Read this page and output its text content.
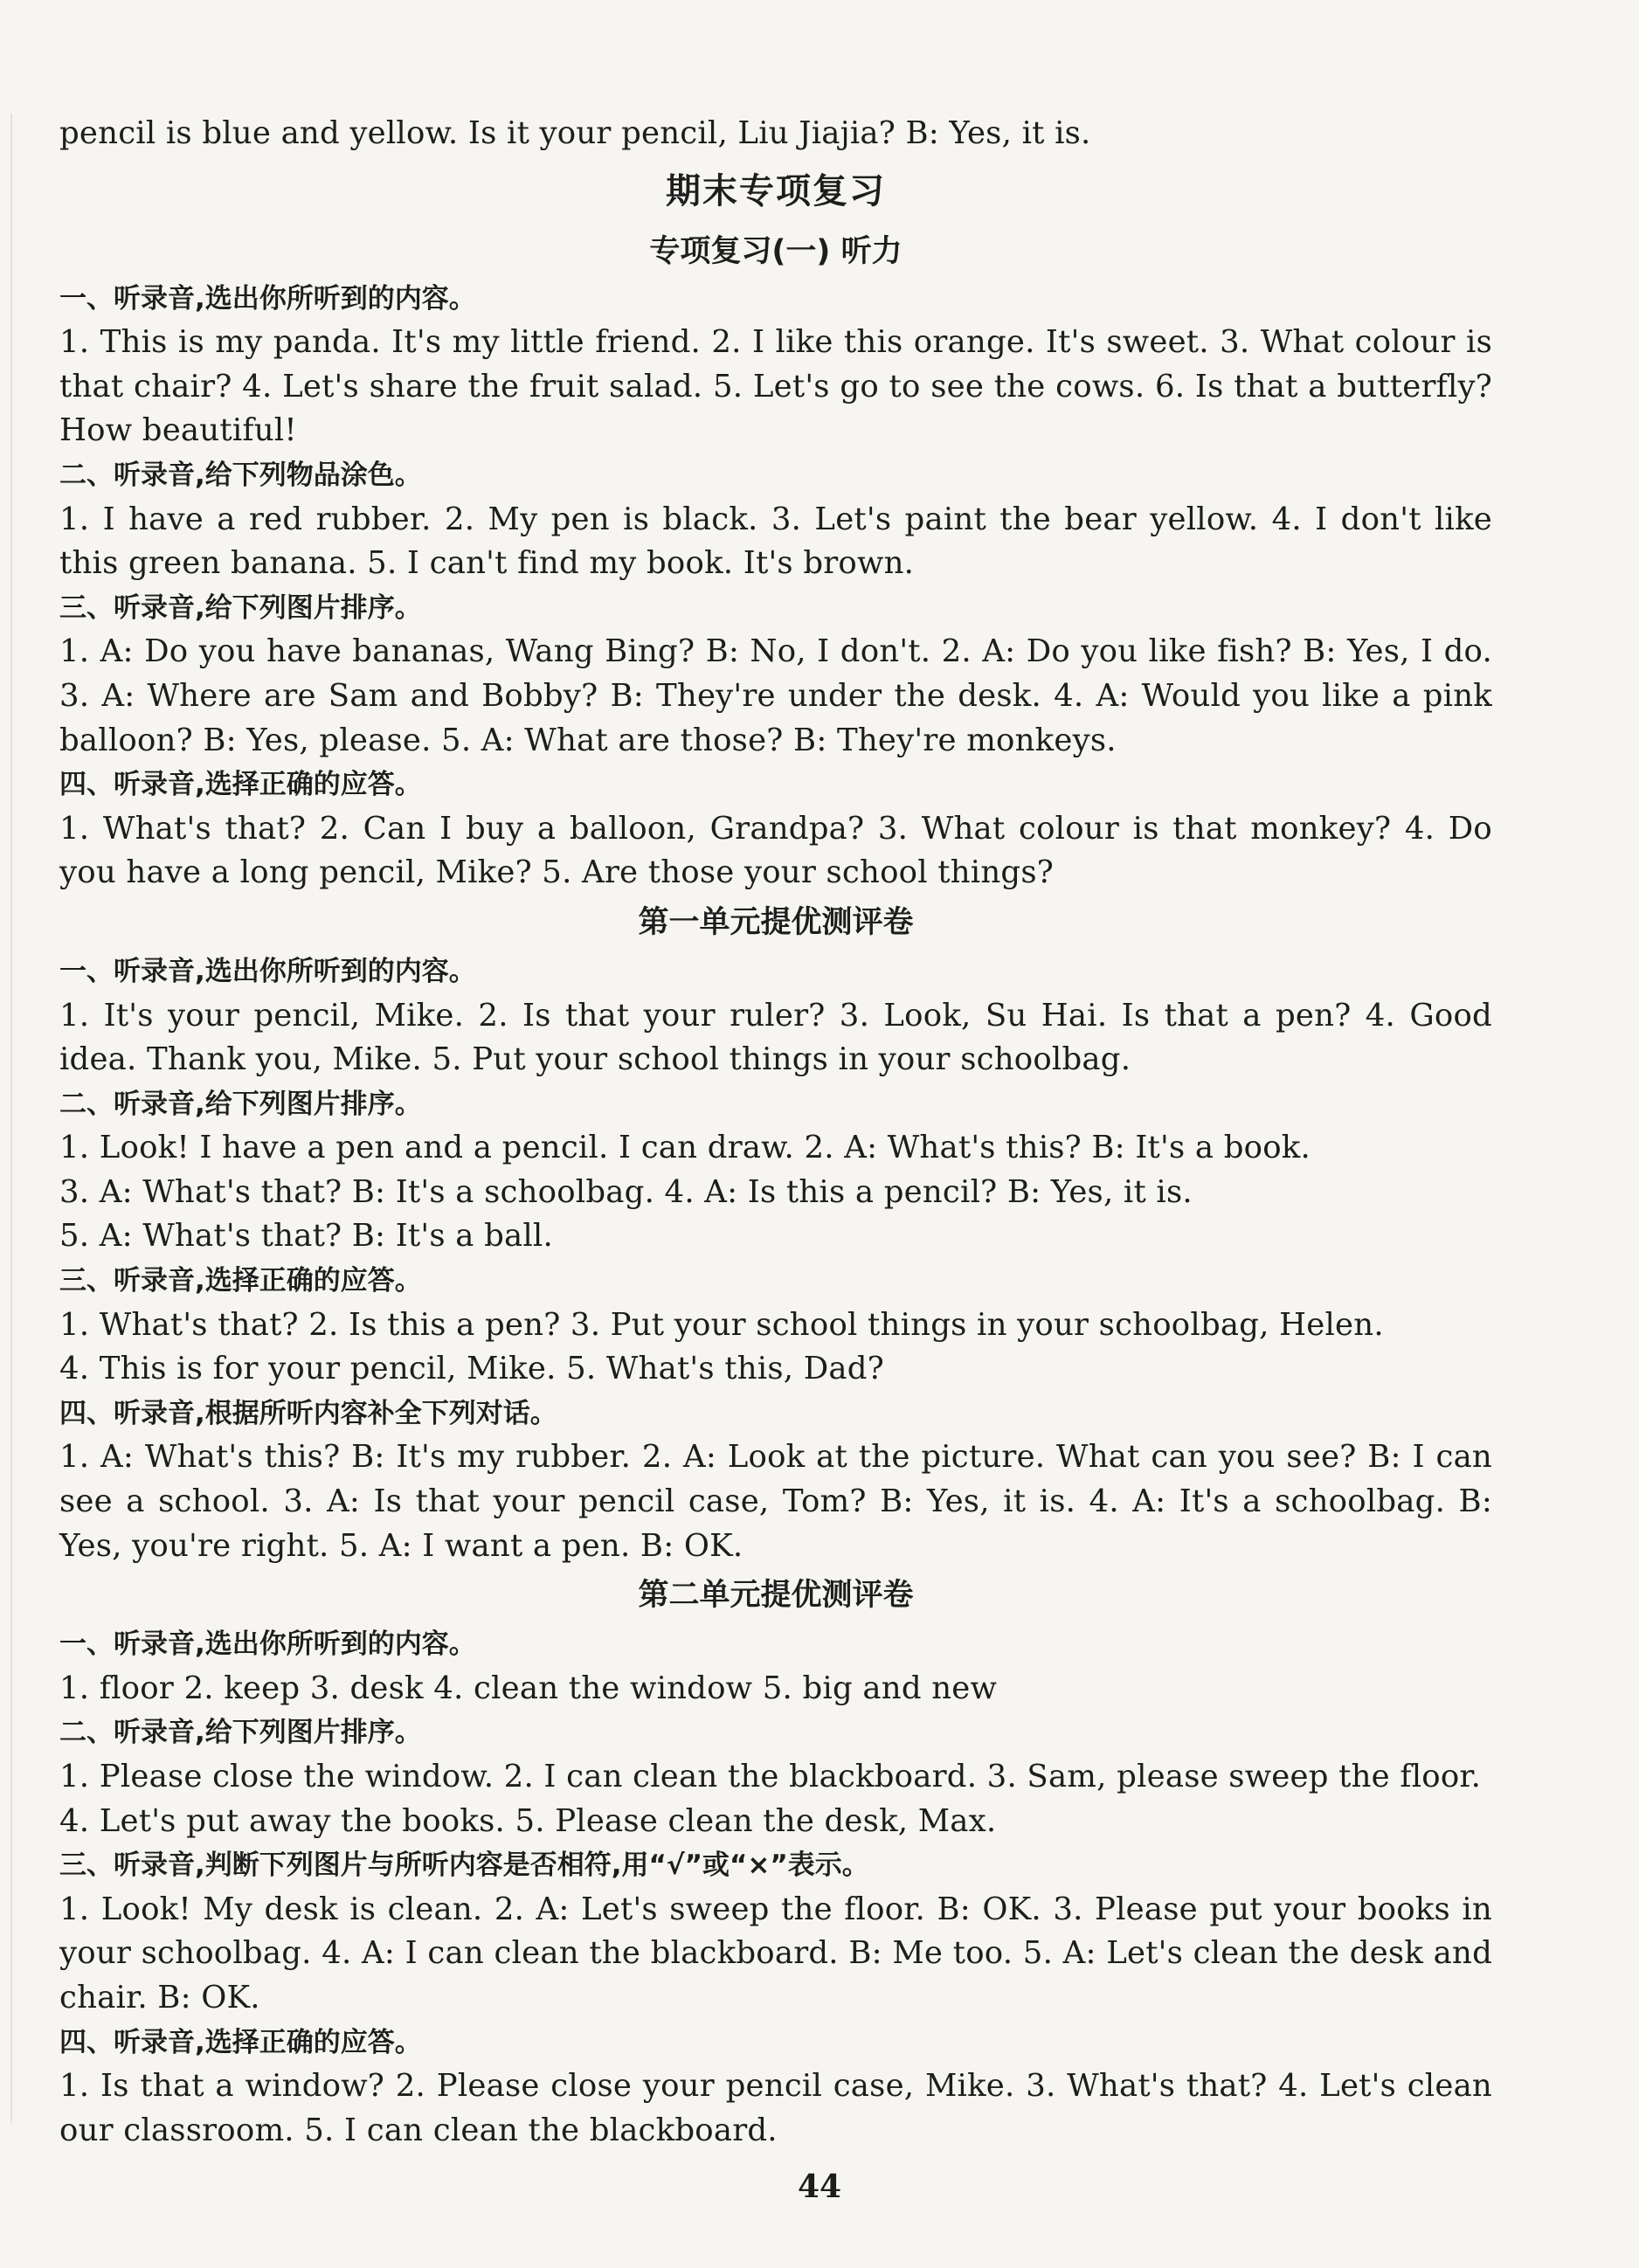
pencil is blue and yellow. Is it your pencil, Liu Jiajia? B: Yes, it is.

期末专项复习
专项复习(一) 听力

一、听录音,选出你所听到的内容。

1. This is my panda. It's my little friend. 2. I like this orange. It's sweet. 3. What colour is that chair? 4. Let's share the fruit salad. 5. Let's go to see the cows. 6. Is that a butterfly? How beautiful!

二、听录音,给下列物品涂色。

1. I have a red rubber. 2. My pen is black. 3. Let's paint the bear yellow. 4. I don't like this green banana. 5. I can't find my book. It's brown.

三、听录音,给下列图片排序。

1. A: Do you have bananas, Wang Bing? B: No, I don't. 2. A: Do you like fish? B: Yes, I do. 3. A: Where are Sam and Bobby? B: They're under the desk. 4. A: Would you like a pink balloon? B: Yes, please. 5. A: What are those? B: They're monkeys.

四、听录音,选择正确的应答。

1. What's that? 2. Can I buy a balloon, Grandpa? 3. What colour is that monkey? 4. Do you have a long pencil, Mike? 5. Are those your school things?

第一单元提优测评卷

一、听录音,选出你所听到的内容。

1. It's your pencil, Mike. 2. Is that your ruler? 3. Look, Su Hai. Is that a pen? 4. Good idea. Thank you, Mike. 5. Put your school things in your schoolbag.

二、听录音,给下列图片排序。

1. Look! I have a pen and a pencil. I can draw. 2. A: What's this? B: It's a book.

3. A: What's that? B: It's a schoolbag. 4. A: Is this a pencil? B: Yes, it is.

5. A: What's that? B: It's a ball.

三、听录音,选择正确的应答。

1. What's that? 2. Is this a pen? 3. Put your school things in your schoolbag, Helen.

4. This is for your pencil, Mike. 5. What's this, Dad?

四、听录音,根据所听内容补全下列对话。

1. A: What's this? B: It's my rubber. 2. A: Look at the picture. What can you see? B: I can see a school. 3. A: Is that your pencil case, Tom? B: Yes, it is. 4. A: It's a schoolbag. B: Yes, you're right. 5. A: I want a pen. B: OK.

第二单元提优测评卷

一、听录音,选出你所听到的内容。

1. floor 2. keep 3. desk 4. clean the window 5. big and new

二、听录音,给下列图片排序。

1. Please close the window. 2. I can clean the blackboard. 3. Sam, please sweep the floor.

4. Let's put away the books. 5. Please clean the desk, Max.

三、听录音,判断下列图片与所听内容是否相符,用“√”或“×”表示。

1. Look! My desk is clean. 2. A: Let's sweep the floor. B: OK. 3. Please put your books in your schoolbag. 4. A: I can clean the blackboard. B: Me too. 5. A: Let's clean the desk and chair. B: OK.

四、听录音,选择正确的应答。

1. Is that a window? 2. Please close your pencil case, Mike. 3. What's that? 4. Let's clean our classroom. 5. I can clean the blackboard.

44
